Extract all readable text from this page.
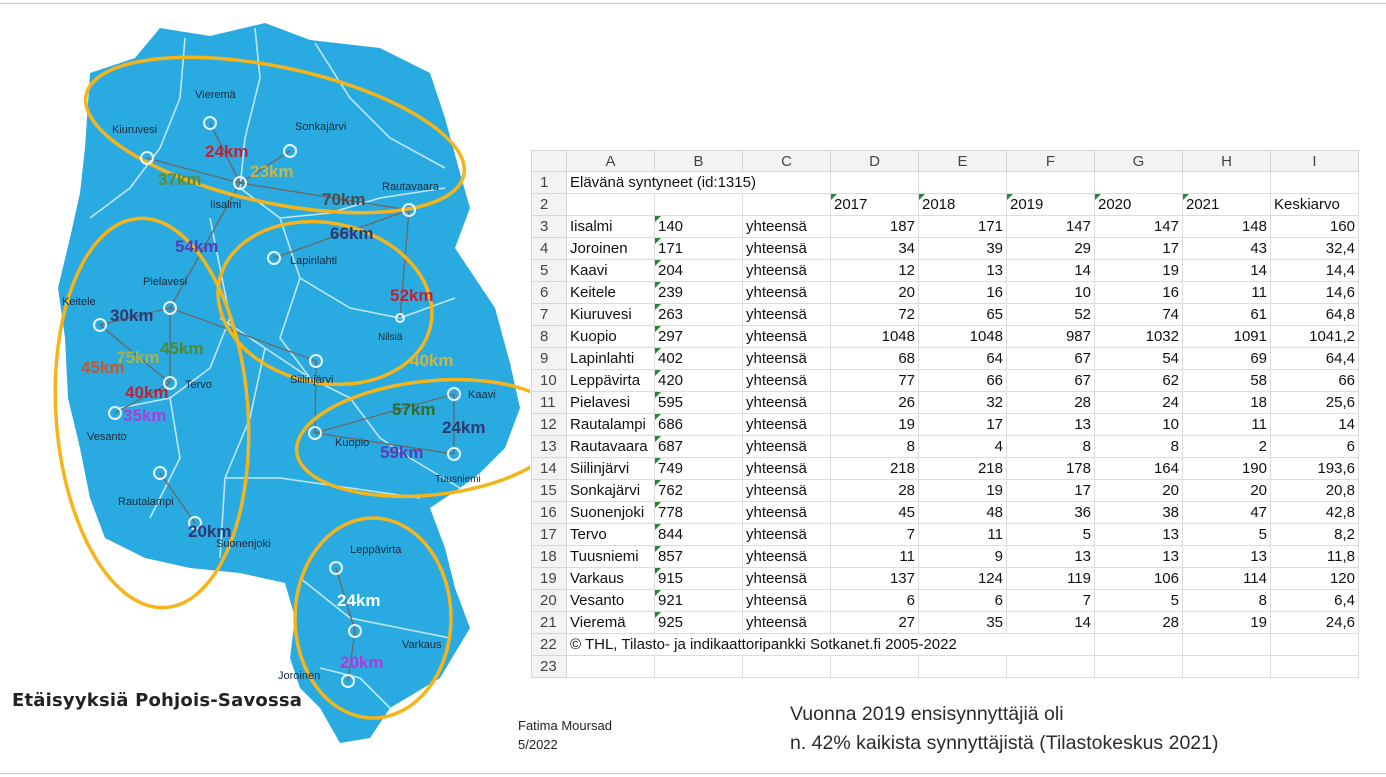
Vieremä
Kiuruvesi	Sonkajärvi
Iisalmi
Rautavaara
Lapinlahti
Pielavesi
Keitele
Nilsiä
Tervo
Vesanto
Siilinjärvi
Kaavi
Kuopio
Tuusniemi
Rautalampi
Suonenjoki	Leppävirta
Varkaus
Joroinen
24km
23km
37km
70km
66km
54km
52km
30km
75km 45km
45km
40km
35km
40km
57km
24km
59km
20km
24km
20km
Etäisyyksiä Pohjois-Savossa
	A	B	C	D	E	F	G	H	I
1	Elävänä syntyneet (id:1315)								
2				2017	2018	2019	2020	2021	Keskiarvo
3	Iisalmi	140	yhteensä	187	171	147	147	148	160
4	Joroinen	171	yhteensä	34	39	29	17	43	32,4
5	Kaavi	204	yhteensä	12	13	14	19	14	14,4
6	Keitele	239	yhteensä	20	16	10	16	11	14,6
7	Kiuruvesi	263	yhteensä	72	65	52	74	61	64,8
8	Kuopio	297	yhteensä	1048	1048	987	1032	1091	1041,2
9	Lapinlahti	402	yhteensä	68	64	67	54	69	64,4
10	Leppävirta	420	yhteensä	77	66	67	62	58	66
11	Pielavesi	595	yhteensä	26	32	28	24	18	25,6
12	Rautalampi	686	yhteensä	19	17	13	10	11	14
13	Rautavaara	687	yhteensä	8	4	8	8	2	6
14	Siilinjärvi	749	yhteensä	218	218	178	164	190	193,6
15	Sonkajärvi	762	yhteensä	28	19	17	20	20	20,8
16	Suonenjoki	778	yhteensä	45	48	36	38	47	42,8
17	Tervo	844	yhteensä	7	11	5	13	5	8,2
18	Tuusniemi	857	yhteensä	11	9	13	13	13	11,8
19	Varkaus	915	yhteensä	137	124	119	106	114	120
20	Vesanto	921	yhteensä	6	6	7	5	8	6,4
21	Vieremä	925	yhteensä	27	35	14	28	19	24,6
22	© THL, Tilasto- ja indikaattoripankki Sotkanet.fi 2005-2022								
23									
Fatima Moursad
5/2022
Vuonna 2019 ensisynnyttäjiä oli
n. 42% kaikista synnyttäjistä (Tilastokeskus 2021)
